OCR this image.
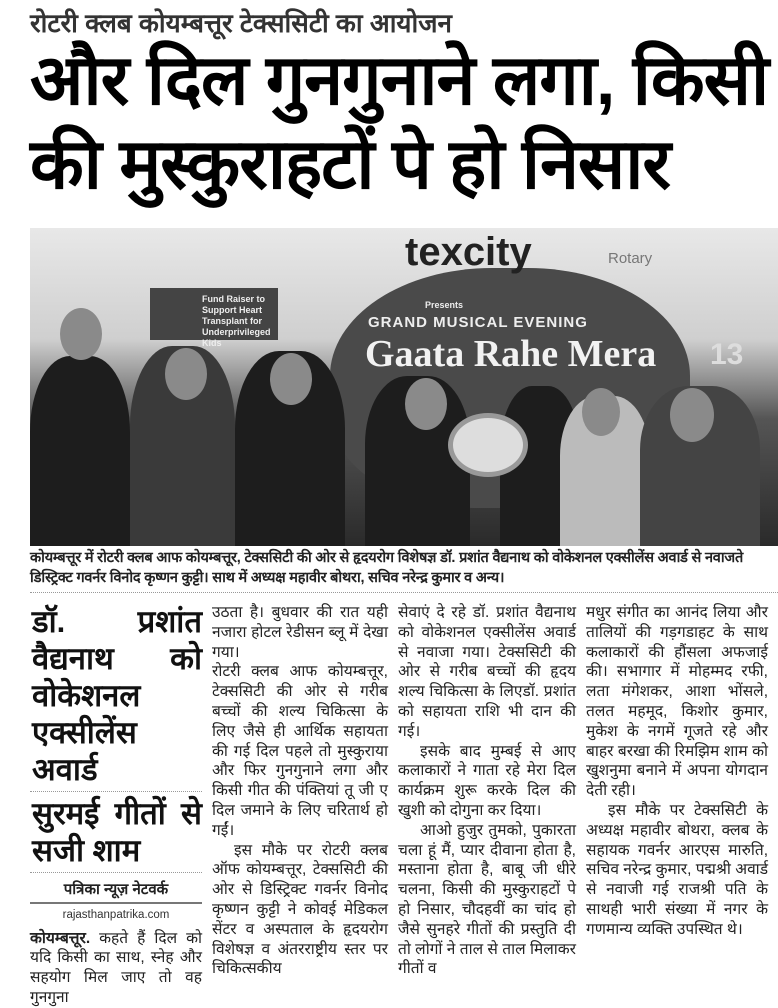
रोटरी क्लब कोयम्बत्तूर टेक्ससिटी का आयोजन
और दिल गुनगुनाने लगा, किसी की मुस्कुराहटों पे हो निसार
texcity	Rotary
Fund Raiser to Support Heart Transplant for Underprivileged Kids
Presents
GRAND MUSICAL EVENING
Gaata Rahe Mera 13
कोयम्बत्तूर में रोटरी क्लब आफ कोयम्बत्तूर, टेक्ससिटी की ओर से हृदयरोग विशेषज्ञ डॉ. प्रशांत वैद्यनाथ को वोकेशनल एक्सीलेंस अवार्ड से नवाजते डिस्ट्रिक्ट गवर्नर विनोद कृष्णन कुट्टी। साथ में अध्यक्ष महावीर बोथरा, सचिव नरेन्द्र कुमार व अन्य।
डॉ. प्रशांत वैद्यनाथ को वोकेशनल एक्सीलेंस अवार्ड
सुरमई गीतों से सजी शाम
पत्रिका न्यूज़ नेटवर्क
rajasthanpatrika.com

कोयम्बत्तूर. कहते हैं दिल को यदि किसी का साथ, स्नेह और सहयोग मिल जाए तो वह गुनगुना

उठता है। बुधवार की रात यही नजारा होटल रेडीसन ब्लू में देखा गया।

रोटरी क्लब आफ कोयम्बत्तूर, टेक्ससिटी की ओर से गरीब बच्चों की शल्य चिकित्सा के लिए जैसे ही आर्थिक सहायता की गई दिल पहले तो मुस्कुराया और फिर गुनगुनाने लगा और किसी गीत की पंक्तियां तू जी ए दिल जमाने के लिए चरितार्थ हो गईं।

इस मौके पर रोटरी क्लब ऑफ कोयम्बत्तूर, टेक्ससिटी की ओर से डिस्ट्रिक्ट गवर्नर विनोद कृष्णन कुट्टी ने कोवई मेडिकल सेंटर व अस्पताल के हृदयरोग विशेषज्ञ व अंतरराष्ट्रीय स्तर पर चिकित्सकीय

सेवाएं दे रहे डॉ. प्रशांत वैद्यनाथ को वोकेशनल एक्सीलेंस अवार्ड से नवाजा गया। टेक्ससिटी की ओर से गरीब बच्चों की हृदय शल्य चिकित्सा के लिएडॉ. प्रशांत को सहायता राशि भी दान की गई।

इसके बाद मुम्बई से आए कलाकारों ने गाता रहे मेरा दिल कार्यक्रम शुरू करके दिल की खुशी को दोगुना कर दिया।

आओ हुजुर तुमको, पुकारता चला हूं मैं, प्यार दीवाना होता है, मस्ताना होता है, बाबू जी धीरे चलना, किसी की मुस्कुराहटों पे हो निसार, चौदहवीं का चांद हो जैसे सुनहरे गीतों की प्रस्तुति दी तो लोगों ने ताल से ताल मिलाकर गीतों व

मधुर संगीत का आनंद लिया और तालियों की गड़गडाहट के साथ कलाकारों की हौंसला अफजाई की। सभागार में मोहम्मद रफी, लता मंगेशकर, आशा भोंसले, तलत महमूद, किशोर कुमार, मुकेश के नगमें गूजते रहे और बाहर बरखा की रिमझिम शाम को खुशनुमा बनाने में अपना योगदान देती रही।

इस मौके पर टेक्ससिटी के अध्यक्ष महावीर बोथरा, क्लब के सहायक गवर्नर आरएस मारुति, सचिव नरेन्द्र कुमार, पद्मश्री अवार्ड से नवाजी गई राजश्री पति के साथही भारी संख्या में नगर के गणमान्य व्यक्ति उपस्थित थे।
